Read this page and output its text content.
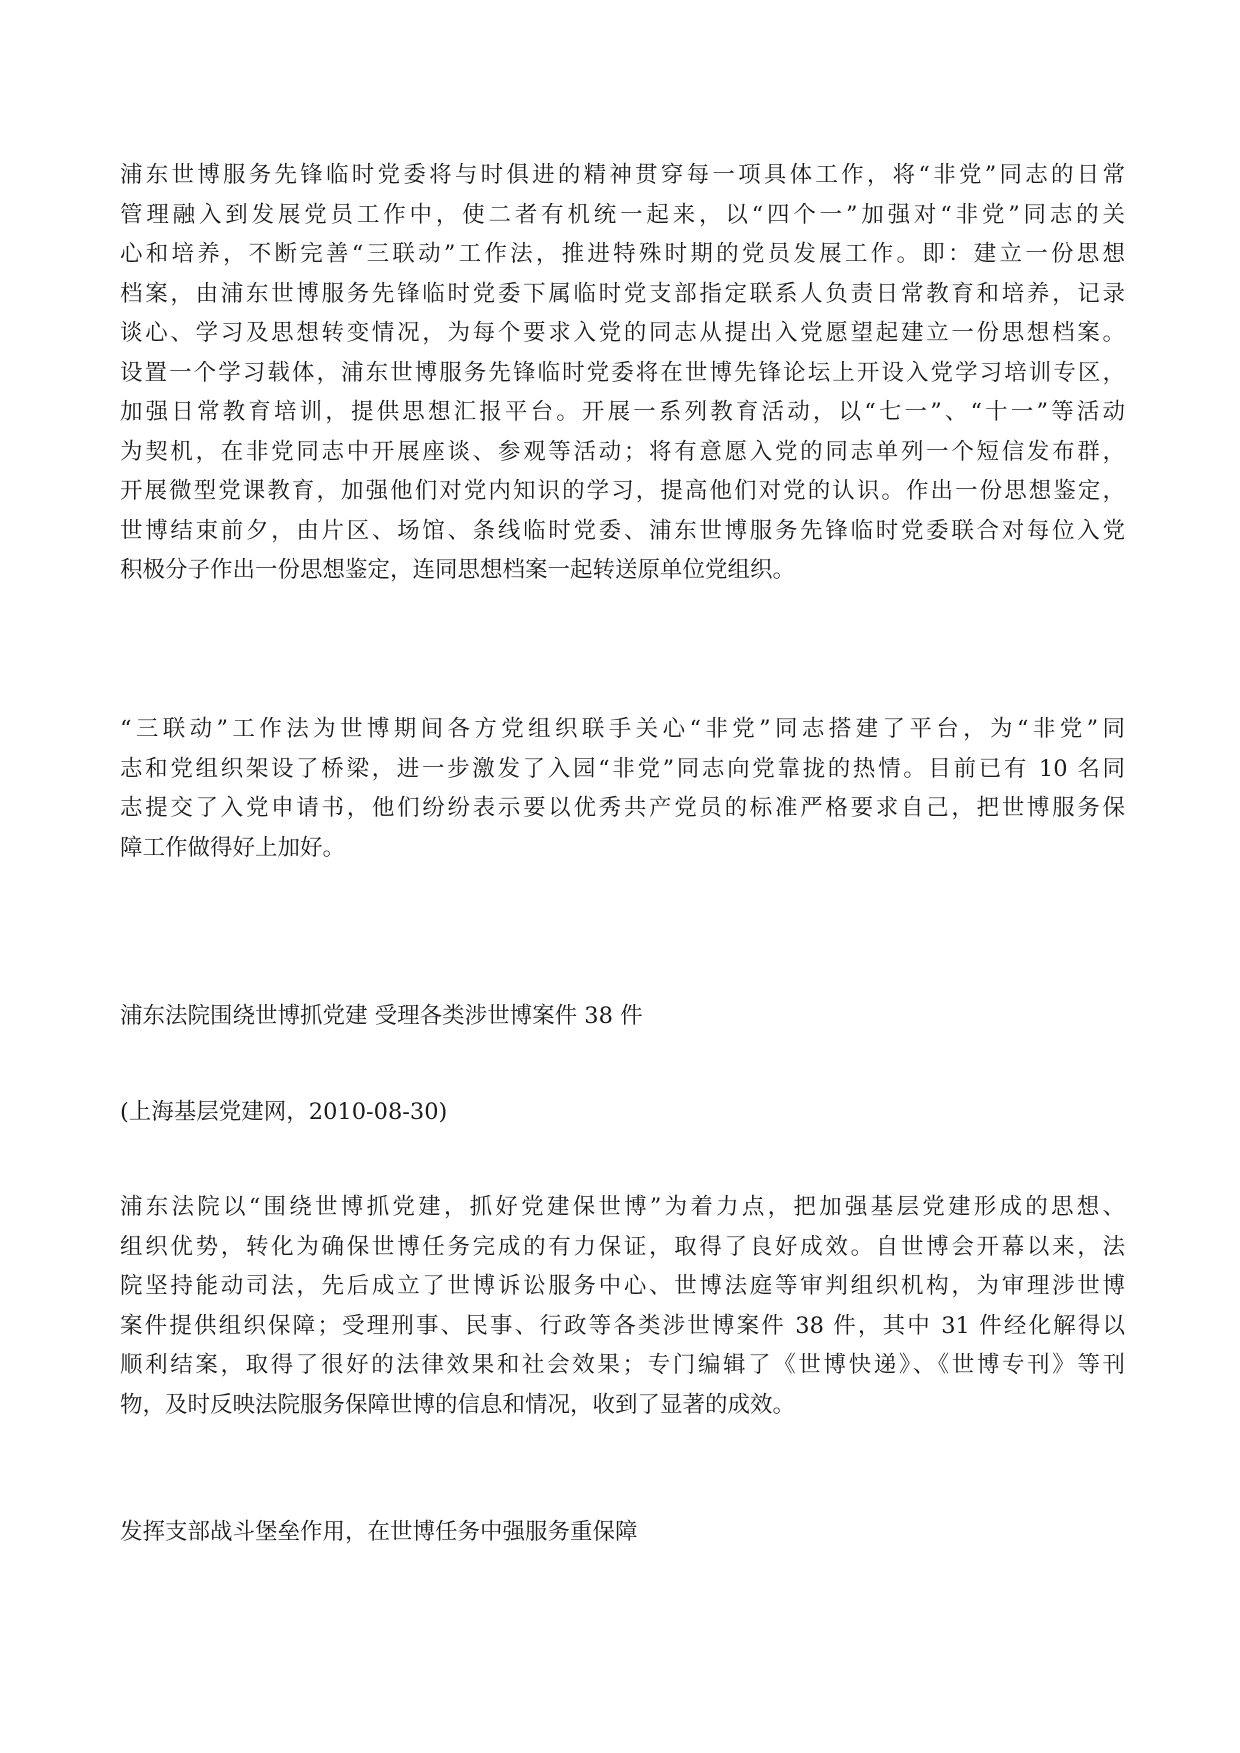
浦东世博服务先锋临时党委将与时俱进的精神贯穿每一项具体工作，将“非党”同志的日常
管理融入到发展党员工作中，使二者有机统一起来，以“四个一”加强对“非党”同志的关
心和培养，不断完善“三联动”工作法，推进特殊时期的党员发展工作。即：建立一份思想
档案，由浦东世博服务先锋临时党委下属临时党支部指定联系人负责日常教育和培养，记录
谈心、学习及思想转变情况，为每个要求入党的同志从提出入党愿望起建立一份思想档案。
设置一个学习载体，浦东世博服务先锋临时党委将在世博先锋论坛上开设入党学习培训专区，
加强日常教育培训，提供思想汇报平台。开展一系列教育活动，以“七一”、“十一”等活动
为契机，在非党同志中开展座谈、参观等活动；将有意愿入党的同志单列一个短信发布群，
开展微型党课教育，加强他们对党内知识的学习，提高他们对党的认识。作出一份思想鉴定，
世博结束前夕，由片区、场馆、条线临时党委、浦东世博服务先锋临时党委联合对每位入党
积极分子作出一份思想鉴定，连同思想档案一起转送原单位党组织。
“三联动”工作法为世博期间各方党组织联手关心“非党”同志搭建了平台，为“非党”同
志和党组织架设了桥梁，进一步激发了入园“非党”同志向党靠拢的热情。目前已有 10 名同
志提交了入党申请书，他们纷纷表示要以优秀共产党员的标准严格要求自己，把世博服务保
障工作做得好上加好。
浦东法院围绕世博抓党建 受理各类涉世博案件 38 件
(上海基层党建网，2010-08-30)
浦东法院以“围绕世博抓党建，抓好党建保世博”为着力点，把加强基层党建形成的思想、
组织优势，转化为确保世博任务完成的有力保证，取得了良好成效。自世博会开幕以来，法
院坚持能动司法，先后成立了世博诉讼服务中心、世博法庭等审判组织机构，为审理涉世博
案件提供组织保障；受理刑事、民事、行政等各类涉世博案件 38 件，其中 31 件经化解得以
顺利结案，取得了很好的法律效果和社会效果；专门编辑了《世博快递》、《世博专刊》等刊
物，及时反映法院服务保障世博的信息和情况，收到了显著的成效。
发挥支部战斗堡垒作用，在世博任务中强服务重保障
